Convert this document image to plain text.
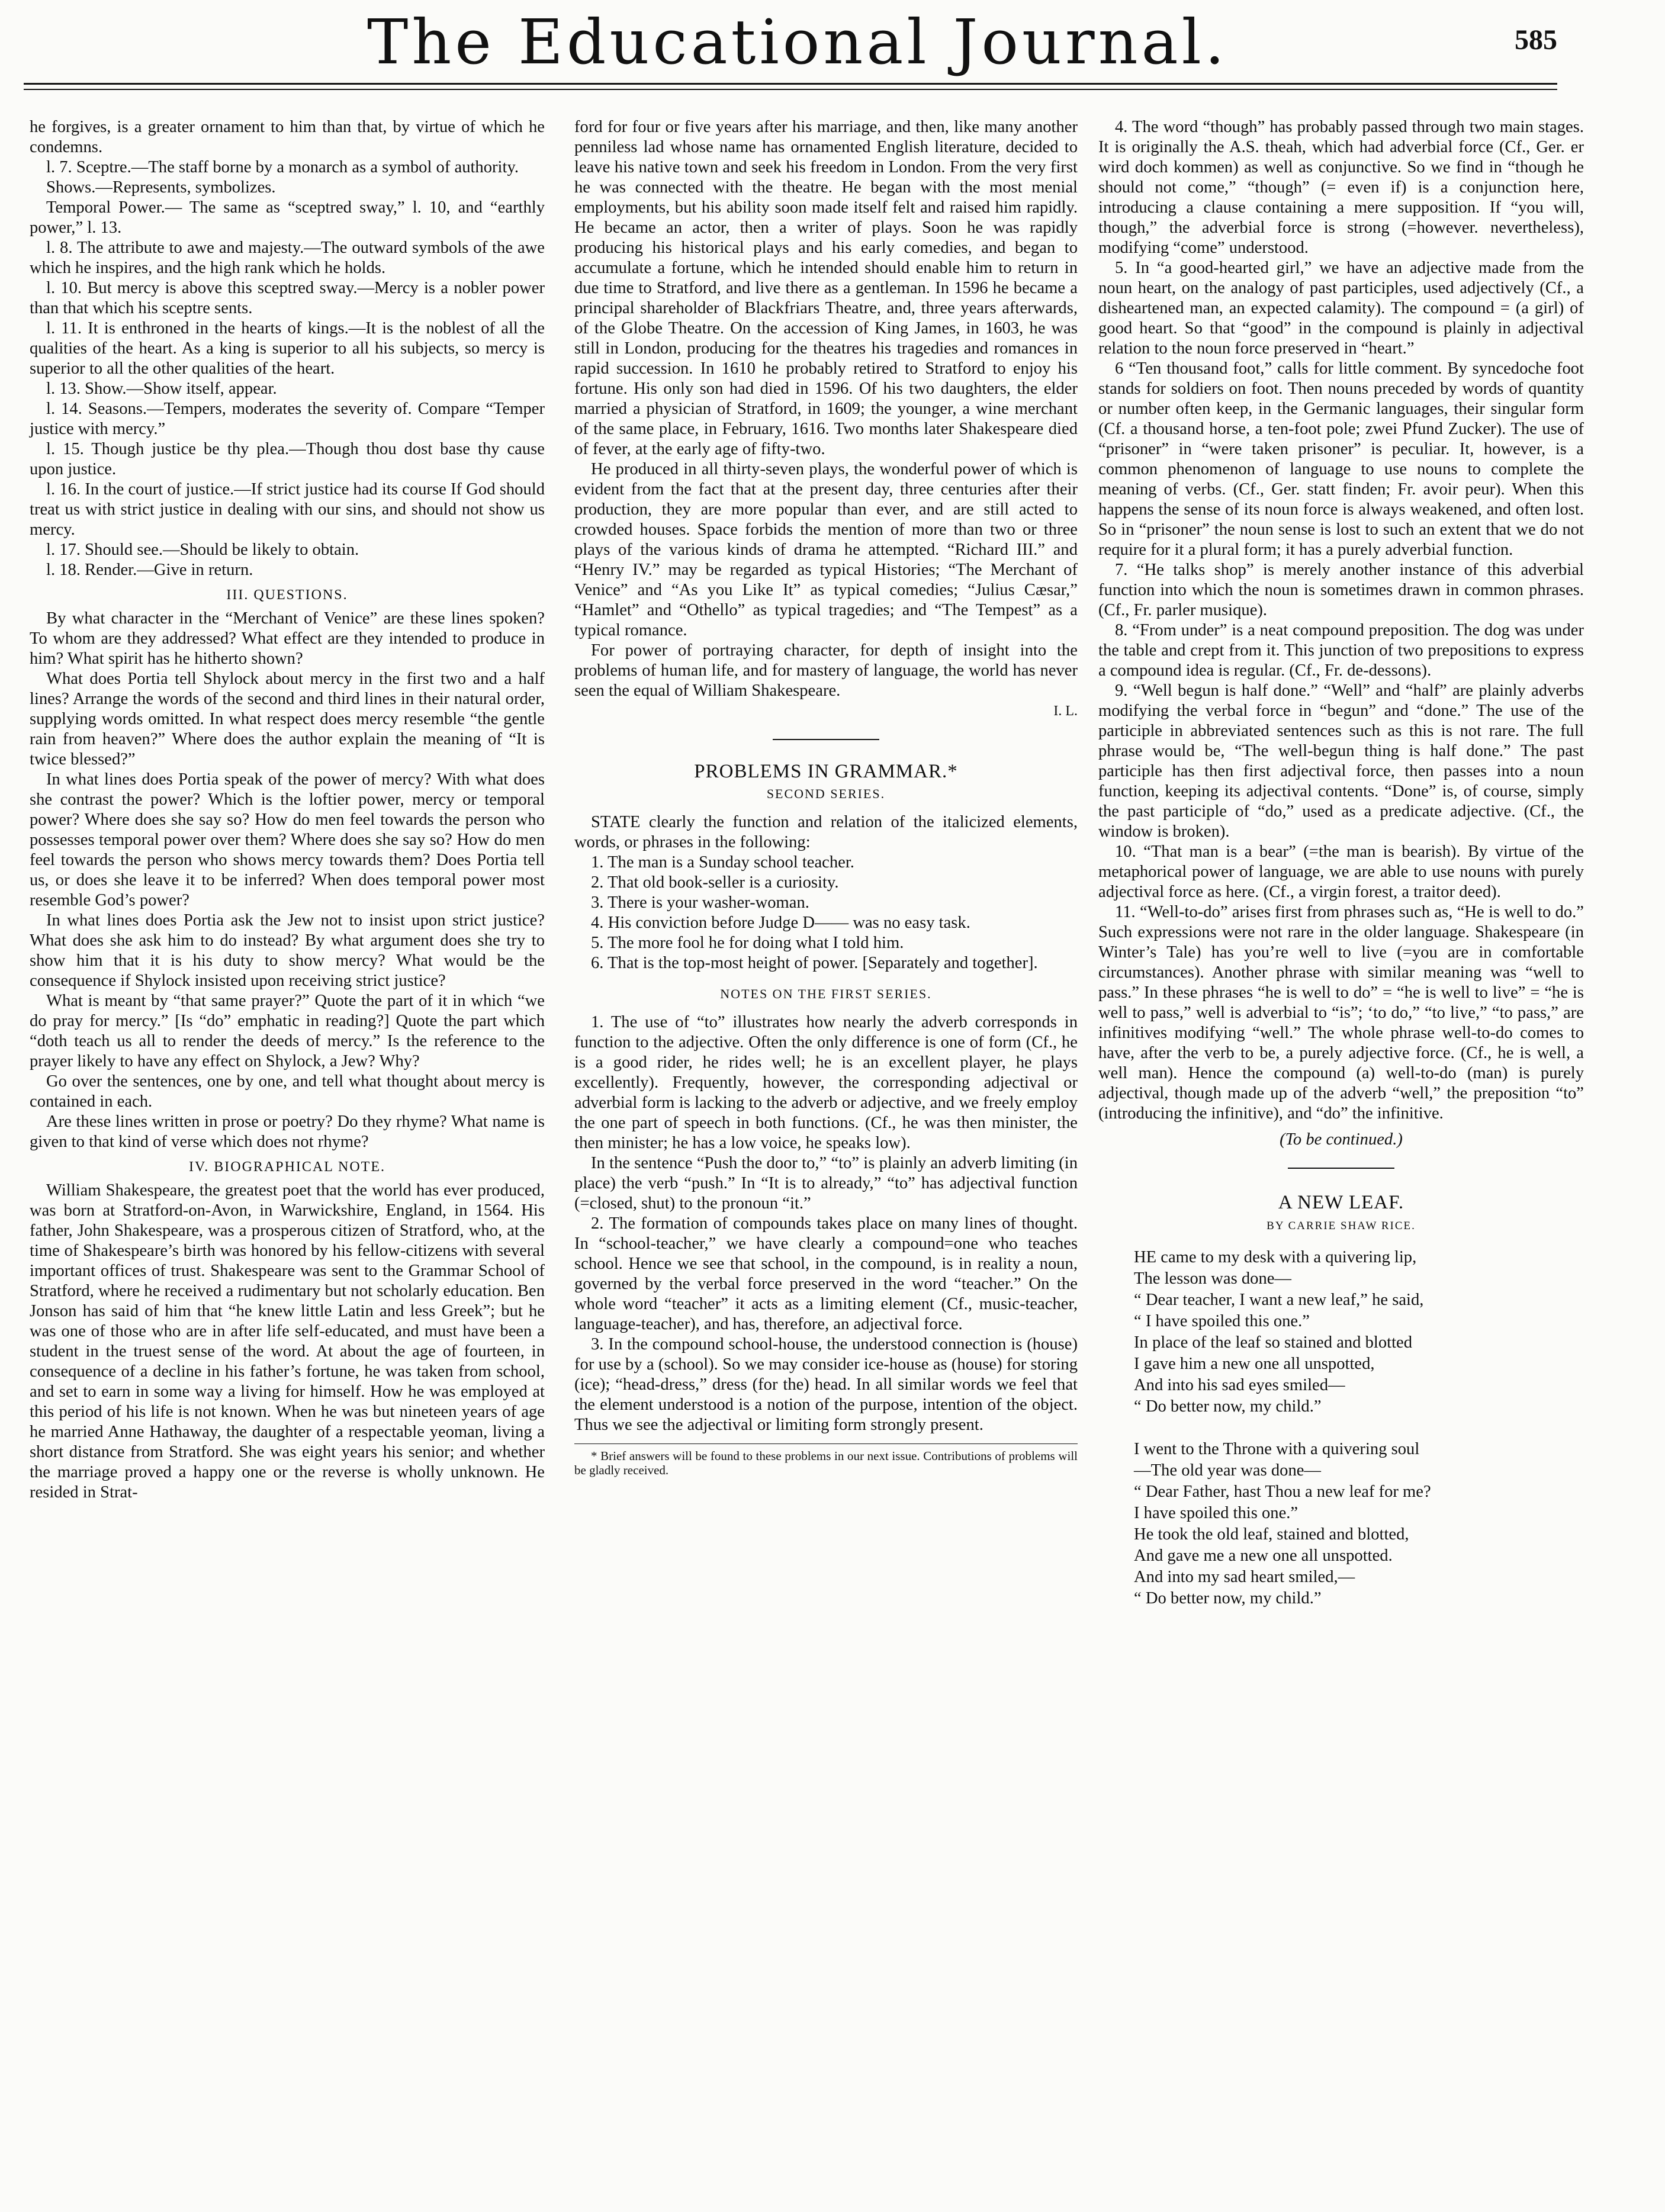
The Educational Journal.	585

he forgives, is a greater ornament to him than that, by virtue of which he condemns.

l. 7. Sceptre.—The staff borne by a monarch as a symbol of authority.

Shows.—Represents, symbolizes.

Temporal Power.— The same as “sceptred sway,” l. 10, and “earthly power,” l. 13.

l. 8. The attribute to awe and majesty.—The outward symbols of the awe which he inspires, and the high rank which he holds.

l. 10. But mercy is above this sceptred sway.—Mercy is a nobler power than that which his sceptre sents.

l. 11. It is enthroned in the hearts of kings.—It is the noblest of all the qualities of the heart. As a king is superior to all his subjects, so mercy is superior to all the other qualities of the heart.

l. 13. Show.—Show itself, appear.

l. 14. Seasons.—Tempers, moderates the severity of. Compare “Temper justice with mercy.”

l. 15. Though justice be thy plea.—Though thou dost base thy cause upon justice.

l. 16. In the court of justice.—If strict justice had its course If God should treat us with strict justice in dealing with our sins, and should not show us mercy.

l. 17. Should see.—Should be likely to obtain.

l. 18. Render.—Give in return.

III. QUESTIONS.

By what character in the “Merchant of Venice” are these lines spoken? To whom are they addressed? What effect are they intended to produce in him? What spirit has he hitherto shown?

What does Portia tell Shylock about mercy in the first two and a half lines? Arrange the words of the second and third lines in their natural order, supplying words omitted. In what respect does mercy resemble “the gentle rain from heaven?” Where does the author explain the meaning of “It is twice blessed?”

In what lines does Portia speak of the power of mercy? With what does she contrast the power? Which is the loftier power, mercy or temporal power? Where does she say so? How do men feel towards the person who possesses temporal power over them? Where does she say so? How do men feel towards the person who shows mercy towards them? Does Portia tell us, or does she leave it to be inferred? When does temporal power most resemble God’s power?

In what lines does Portia ask the Jew not to insist upon strict justice? What does she ask him to do instead? By what argument does she try to show him that it is his duty to show mercy? What would be the consequence if Shylock insisted upon receiving strict justice?

What is meant by “that same prayer?” Quote the part of it in which “we do pray for mercy.” [Is “do” emphatic in reading?] Quote the part which “doth teach us all to render the deeds of mercy.” Is the reference to the prayer likely to have any effect on Shylock, a Jew? Why?

Go over the sentences, one by one, and tell what thought about mercy is contained in each.

Are these lines written in prose or poetry? Do they rhyme? What name is given to that kind of verse which does not rhyme?

IV. BIOGRAPHICAL NOTE.

William Shakespeare, the greatest poet that the world has ever produced, was born at Stratford-on-Avon, in Warwickshire, England, in 1564. His father, John Shakespeare, was a prosperous citizen of Stratford, who, at the time of Shakespeare’s birth was honored by his fellow-citizens with several important offices of trust. Shakespeare was sent to the Grammar School of Stratford, where he received a rudimentary but not scholarly education. Ben Jonson has said of him that “he knew little Latin and less Greek”; but he was one of those who are in after life self-educated, and must have been a student in the truest sense of the word. At about the age of fourteen, in consequence of a decline in his father’s fortune, he was taken from school, and set to earn in some way a living for himself. How he was employed at this period of his life is not known. When he was but nineteen years of age he married Anne Hathaway, the daughter of a respectable yeoman, living a short distance from Stratford. She was eight years his senior; and whether the marriage proved a happy one or the reverse is wholly unknown. He resided in Strat-

ford for four or five years after his marriage, and then, like many another penniless lad whose name has ornamented English literature, decided to leave his native town and seek his freedom in London. From the very first he was connected with the theatre. He began with the most menial employments, but his ability soon made itself felt and raised him rapidly. He became an actor, then a writer of plays. Soon he was rapidly producing his historical plays and his early comedies, and began to accumulate a fortune, which he intended should enable him to return in due time to Stratford, and live there as a gentleman. In 1596 he became a principal shareholder of Blackfriars Theatre, and, three years afterwards, of the Globe Theatre. On the accession of King James, in 1603, he was still in London, producing for the theatres his tragedies and romances in rapid succession. In 1610 he probably retired to Stratford to enjoy his fortune. His only son had died in 1596. Of his two daughters, the elder married a physician of Stratford, in 1609; the younger, a wine merchant of the same place, in February, 1616. Two months later Shakespeare died of fever, at the early age of fifty-two.

He produced in all thirty-seven plays, the wonderful power of which is evident from the fact that at the present day, three centuries after their production, they are more popular than ever, and are still acted to crowded houses. Space forbids the mention of more than two or three plays of the various kinds of drama he attempted. “Richard III.” and “Henry IV.” may be regarded as typical Histories; “The Merchant of Venice” and “As you Like It” as typical comedies; “Julius Cæsar,” “Hamlet” and “Othello” as typical tragedies; and “The Tempest” as a typical romance.

For power of portraying character, for depth of insight into the problems of human life, and for mastery of language, the world has never seen the equal of William Shakespeare.

I. L.
PROBLEMS IN GRAMMAR.*
SECOND SERIES.

STATE clearly the function and relation of the italicized elements, words, or phrases in the following:

1. The man is a Sunday school teacher.

2. That old book-seller is a curiosity.

3. There is your washer-woman.

4. His conviction before Judge D—— was no easy task.

5. The more fool he for doing what I told him.

6. That is the top-most height of power. [Separately and together].

NOTES ON THE FIRST SERIES.

1. The use of “to” illustrates how nearly the adverb corresponds in function to the adjective. Often the only difference is one of form (Cf., he is a good rider, he rides well; he is an excellent player, he plays excellently). Frequently, however, the corresponding adjectival or adverbial form is lacking to the adverb or adjective, and we freely employ the one part of speech in both functions. (Cf., he was then minister, the then minister; he has a low voice, he speaks low).

In the sentence “Push the door to,” “to” is plainly an adverb limiting (in place) the verb “push.” In “It is to already,” “to” has adjectival function (=closed, shut) to the pronoun “it.”

2. The formation of compounds takes place on many lines of thought. In “school-teacher,” we have clearly a compound=one who teaches school. Hence we see that school, in the compound, is in reality a noun, governed by the verbal force preserved in the word “teacher.” On the whole word “teacher” it acts as a limiting element (Cf., music-teacher, language-teacher), and has, therefore, an adjectival force.

3. In the compound school-house, the understood connection is (house) for use by a (school). So we may consider ice-house as (house) for storing (ice); “head-dress,” dress (for the) head. In all similar words we feel that the element understood is a notion of the purpose, intention of the object. Thus we see the adjectival or limiting form strongly present.

* Brief answers will be found to these problems in our next issue. Contributions of problems will be gladly received.

4. The word “though” has probably passed through two main stages. It is originally the A.S. theah, which had adverbial force (Cf., Ger. er wird doch kommen) as well as conjunctive. So we find in “though he should not come,” “though” (= even if) is a conjunction here, introducing a clause containing a mere supposition. If “you will, though,” the adverbial force is strong (=however. nevertheless), modifying “come” understood.

5. In “a good-hearted girl,” we have an adjective made from the noun heart, on the analogy of past participles, used adjectively (Cf., a disheartened man, an expected calamity). The compound = (a girl) of good heart. So that “good” in the compound is plainly in adjectival relation to the noun force preserved in “heart.”

6 “Ten thousand foot,” calls for little comment. By syncedoche foot stands for soldiers on foot. Then nouns preceded by words of quantity or number often keep, in the Germanic languages, their singular form (Cf. a thousand horse, a ten-foot pole; zwei Pfund Zucker). The use of “prisoner” in “were taken prisoner” is peculiar. It, however, is a common phenomenon of language to use nouns to complete the meaning of verbs. (Cf., Ger. statt finden; Fr. avoir peur). When this happens the sense of its noun force is always weakened, and often lost. So in “prisoner” the noun sense is lost to such an extent that we do not require for it a plural form; it has a purely adverbial function.

7. “He talks shop” is merely another instance of this adverbial function into which the noun is sometimes drawn in common phrases. (Cf., Fr. parler musique).

8. “From under” is a neat compound preposition. The dog was under the table and crept from it. This junction of two prepositions to express a compound idea is regular. (Cf., Fr. de-dessons).

9. “Well begun is half done.” “Well” and “half” are plainly adverbs modifying the verbal force in “begun” and “done.” The use of the participle in abbreviated sentences such as this is not rare. The full phrase would be, “The well-begun thing is half done.” The past participle has then first adjectival force, then passes into a noun function, keeping its adjectival contents. “Done” is, of course, simply the past participle of “do,” used as a predicate adjective. (Cf., the window is broken).

10. “That man is a bear” (=the man is bearish). By virtue of the metaphorical power of language, we are able to use nouns with purely adjectival force as here. (Cf., a virgin forest, a traitor deed).

11. “Well-to-do” arises first from phrases such as, “He is well to do.” Such expressions were not rare in the older language. Shakespeare (in Winter’s Tale) has you’re well to live (=you are in comfortable circumstances). Another phrase with similar meaning was “well to pass.” In these phrases “he is well to do” = “he is well to live” = “he is well to pass,” well is adverbial to “is”; ‘to do,” “to live,” “to pass,” are infinitives modifying “well.” The whole phrase well-to-do comes to have, after the verb to be, a purely adjective force. (Cf., he is well, a well man). Hence the compound (a) well-to-do (man) is purely adjectival, though made up of the adverb “well,” the preposition “to” (introducing the infinitive), and “do” the infinitive.

(To be continued.)
A NEW LEAF.
BY CARRIE SHAW RICE.
HE came to my desk with a quivering lip,
The lesson was done—
“ Dear teacher, I want a new leaf,” he said,
“ I have spoiled this one.”
In place of the leaf so stained and blotted
I gave him a new one all unspotted,
And into his sad eyes smiled—
“ Do better now, my child.”
I went to the Throne with a quivering soul
—The old year was done—
“ Dear Father, hast Thou a new leaf for me?
I have spoiled this one.”
He took the old leaf, stained and blotted,
And gave me a new one all unspotted.
And into my sad heart smiled,—
“ Do better now, my child.”
